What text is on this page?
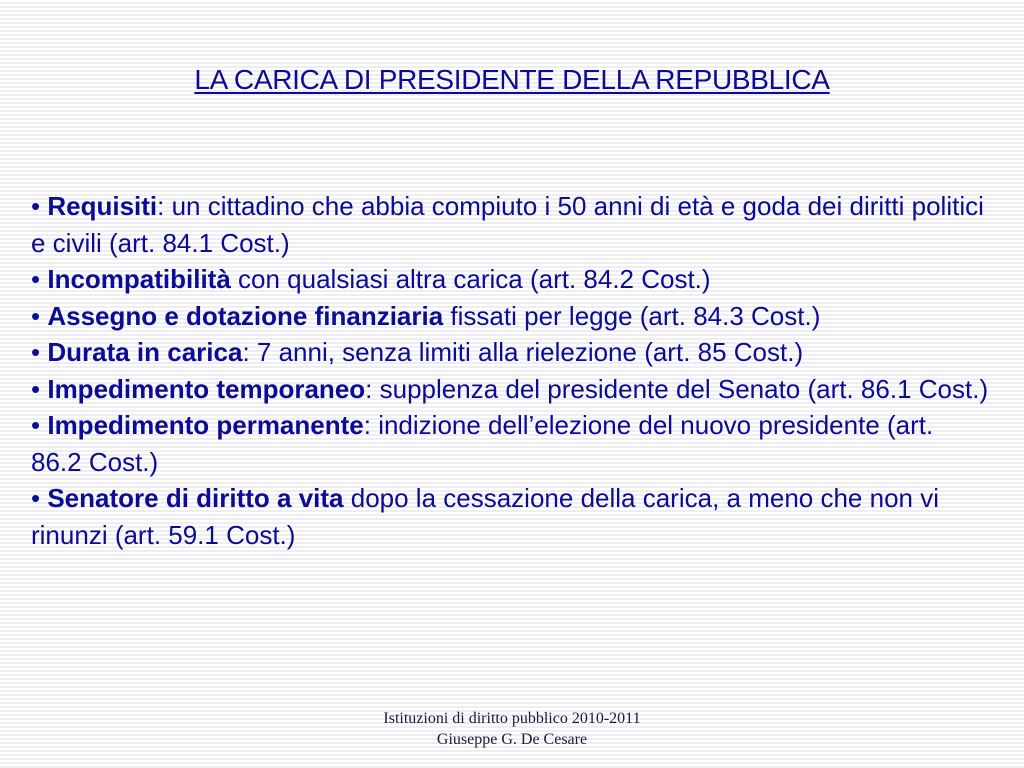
LA CARICA DI PRESIDENTE DELLA REPUBBLICA
• Requisiti: un cittadino che abbia compiuto i 50 anni di età e goda dei diritti politici e civili (art. 84.1 Cost.)
• Incompatibilità con qualsiasi altra carica (art. 84.2 Cost.)
• Assegno e dotazione finanziaria fissati per legge (art. 84.3 Cost.)
• Durata in carica: 7 anni, senza limiti alla rielezione (art. 85 Cost.)
• Impedimento temporaneo: supplenza del presidente del Senato (art. 86.1 Cost.)
• Impedimento permanente: indizione dell’elezione del nuovo presidente (art. 86.2 Cost.)
• Senatore di diritto a vita dopo la cessazione della carica, a meno che non vi rinunzi (art. 59.1 Cost.)
Istituzioni di diritto pubblico 2010-2011
Giuseppe G. De Cesare
